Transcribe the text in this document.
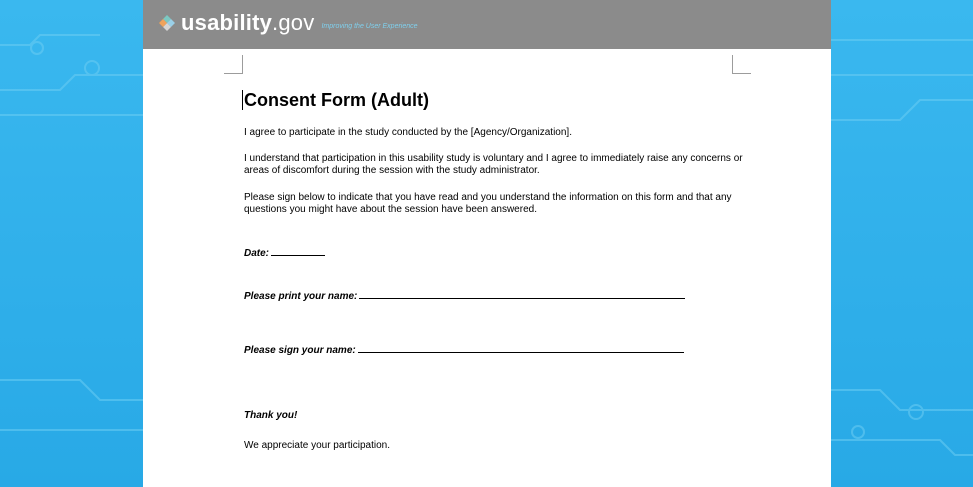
usability.gov Improving the User Experience
Consent Form (Adult)

I agree to participate in the study conducted by the [Agency/Organization].

I understand that participation in this usability study is voluntary and I agree to immediately raise any concerns or areas of discomfort during the session with the study administrator.

Please sign below to indicate that you have read and you understand the information on this form and that any questions you might have about the session have been answered.

Date:
Please print your name:
Please sign your name:
Thank you!

We appreciate your participation.
